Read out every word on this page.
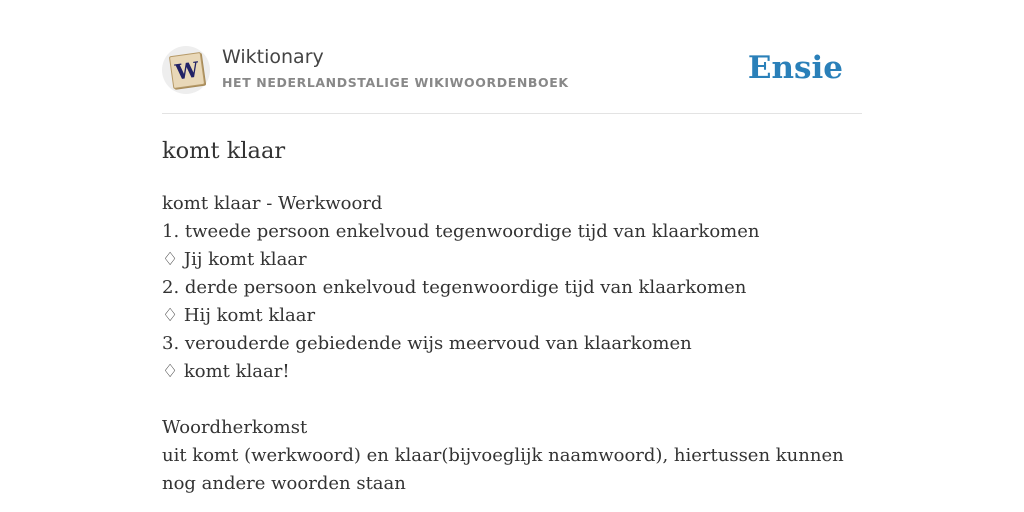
W Wiktionary
HET NEDERLANDSTALIGE WIKIWOORDENBOEK	Ensie
komt klaar
komt klaar - Werkwoord
1. tweede persoon enkelvoud tegenwoordige tijd van klaarkomen
♢ Jij komt klaar
2. derde persoon enkelvoud tegenwoordige tijd van klaarkomen
♢ Hij komt klaar
3. verouderde gebiedende wijs meervoud van klaarkomen
♢ komt klaar!
Woordherkomst
uit komt (werkwoord) en klaar(bijvoeglijk naamwoord), hiertussen kunnen nog andere woorden staan
